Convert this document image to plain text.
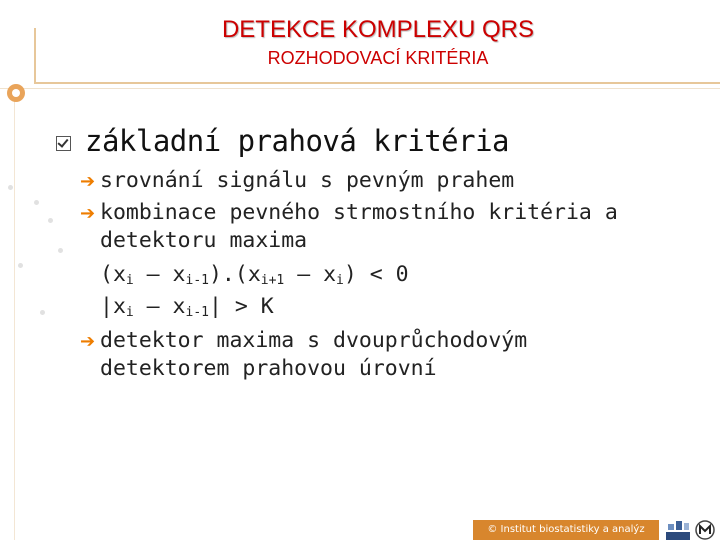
DETEKCE KOMPLEXU QRS
ROZHODOVACÍ KRITÉRIA
základní prahová kritéria
➔ srovnání signálu s pevným prahem
➔ kombinace pevného strmostního kritéria a
detektoru maxima
$(x_i - x_{i-1}).(x_{i+1} - x_i) < 0$
$|x_i - x_{i-1}| > K$
➔ detektor maxima s dvouprůchodovým
detektorem prahovou úrovní
© Institut biostatistiky a analýz
